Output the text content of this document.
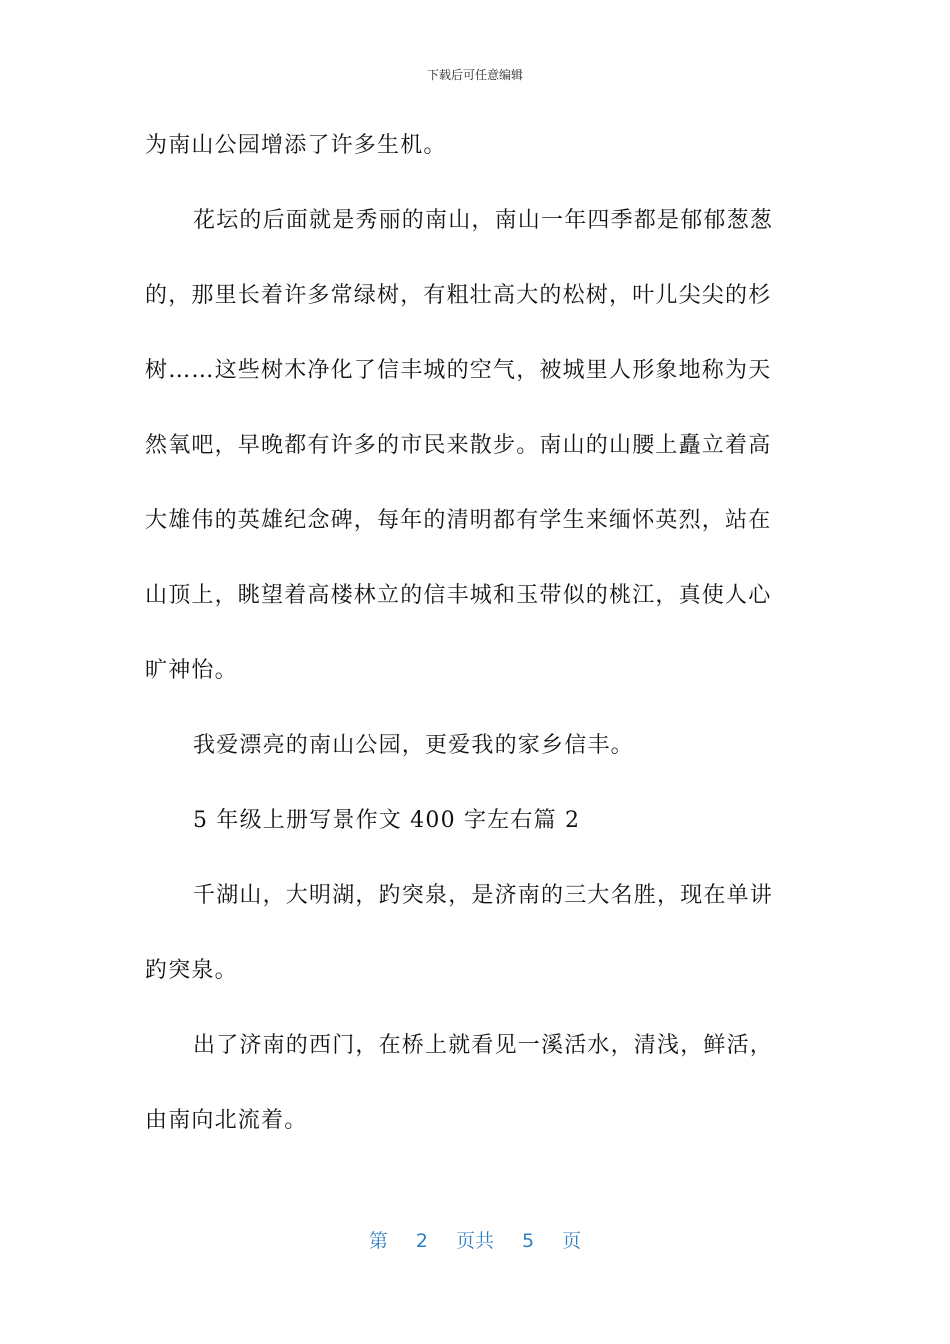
下载后可任意编辑
为南山公园增添了许多生机。
花坛的后面就是秀丽的南山，南山一年四季都是郁郁葱葱
的，那里长着许多常绿树，有粗壮高大的松树，叶儿尖尖的杉
树……这些树木净化了信丰城的空气，被城里人形象地称为天
然氧吧，早晚都有许多的市民来散步。南山的山腰上矗立着高
大雄伟的英雄纪念碑，每年的清明都有学生来缅怀英烈，站在
山顶上，眺望着高楼林立的信丰城和玉带似的桃江，真使人心
旷神怡。
我爱漂亮的南山公园，更爱我的家乡信丰。
5 年级上册写景作文 400 字左右篇 2
千湖山，大明湖，趵突泉，是济南的三大名胜，现在单讲
趵突泉。
出了济南的西门，在桥上就看见一溪活水，清浅，鲜活，
由南向北流着。
第 2 页共 5 页
